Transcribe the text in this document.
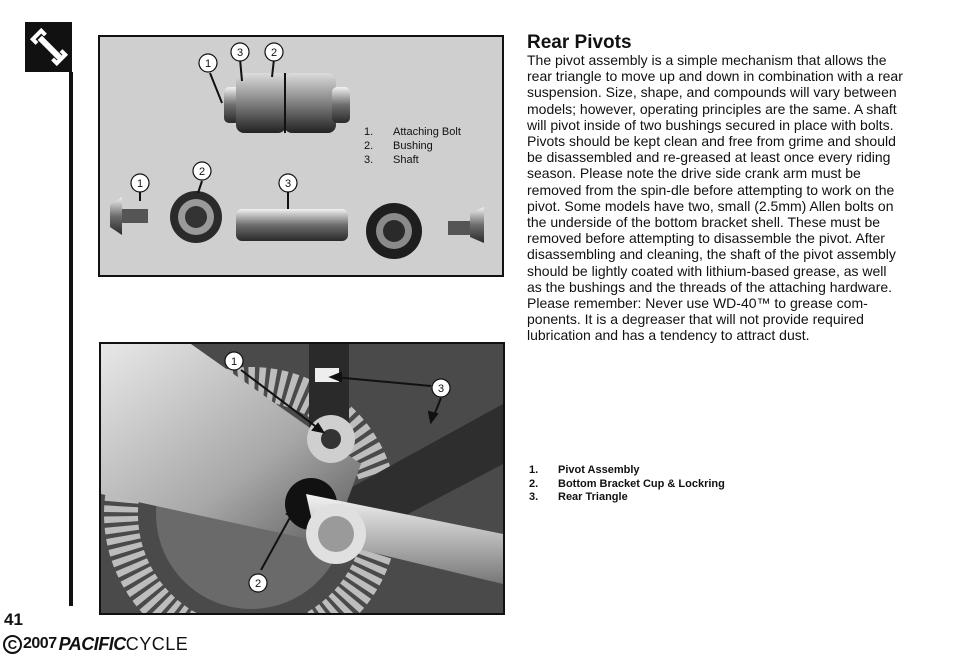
1
3	2
1
2
3
1.	Attaching Bolt
2.	Bushing
3.	Shaft
1
3
2
Rear Pivots
The pivot assembly is a simple mechanism that allows the rear triangle to move up and down in combination with a rear suspension. Size, shape, and compounds will vary between models; however, operating principles are the same. A shaft will pivot inside of two bushings secured in place with bolts. Pivots should be kept clean and free from grime and should be disassembled and re-greased at least once every riding season. Please note the drive side crank arm must be removed from the spin-dle before attempting to work on the pivot. Some models have two, small (2.5mm) Allen bolts on the underside of the bottom bracket shell. These must be removed before attempting to disassemble the pivot. After disassembling and cleaning, the shaft of the pivot assembly should be lightly coated with lithium-based grease, as well as the bushings and the threads of the attaching hardware. Please remember: Never use WD-40™ to grease com-ponents. It is a degreaser that will not provide required lubrication and has a tendency to attract dust.
1.	Pivot Assembly
2.	Bottom Bracket Cup & Lockring
3.	Rear Triangle
41
C 2007 PACIFIC CYCLE
